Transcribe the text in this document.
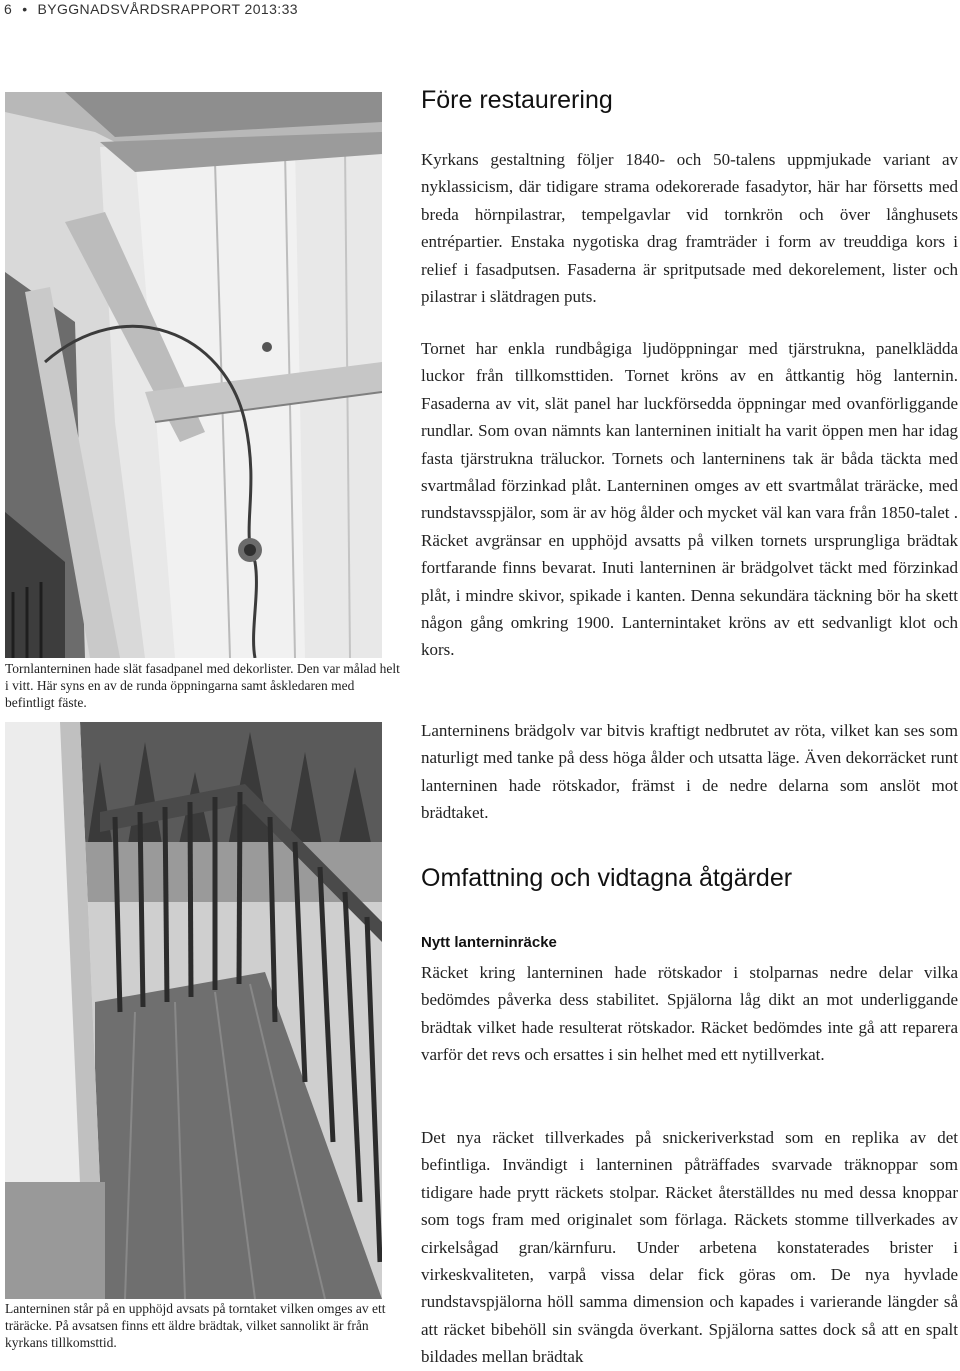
6 • BYGGNADSVÅRDSRAPPORT 2013:33
Tornlanterninen hade slät fasadpanel med dekorlister. Den var målad helt i vitt. Här syns en av de runda öppningarna samt åskledaren med befintligt fäste.
Lanterninen står på en upphöjd avsats på torntaket vilken omges av ett träräcke. På avsatsen finns ett äldre brädtak, vilket sannolikt är från kyrkans tillkomsttid.
Före restaurering

Kyrkans gestaltning följer 1840- och 50-talens uppmjukade variant av nyklassicism, där tidigare strama odekorerade fasadytor, här har försetts med breda hörnpilastrar, tempelgavlar vid tornkrön och över långhusets entrépartier. Enstaka nygotiska drag framträder i form av treuddiga kors i relief i fasadputsen. Fasaderna är spritputsade med dekorelement, lister och pilastrar i slätdragen puts.

Tornet har enkla rundbågiga ljudöppningar med tjärstrukna, panelklädda luckor från tillkomsttiden. Tornet kröns av en åttkantig hög lanternin. Fasaderna av vit, slät panel har luckförsedda öppningar med ovanförliggande rundlar. Som ovan nämnts kan lanterninen initialt ha varit öppen men har idag fasta tjärstrukna träluckor. Tornets och lanterninens tak är båda täckta med svartmålad förzinkad plåt. Lanterninen omges av ett svartmålat träräcke, med rundstavsspjälor, som är av hög ålder och mycket väl kan vara från 1850-talet . Räcket avgränsar en upphöjd avsatts på vilken tornets ursprungliga brädtak fortfarande finns bevarat. Inuti lanterninen är brädgolvet täckt med förzinkad plåt, i mindre skivor, spikade i kanten. Denna sekundära täckning bör ha skett någon gång omkring 1900. Lanternintaket kröns av ett sedvanligt klot och kors.

Lanterninens brädgolv var bitvis kraftigt nedbrutet av röta, vilket kan ses som naturligt med tanke på dess höga ålder och utsatta läge. Även dekorräcket runt lanterninen hade rötskador, främst i de nedre delarna som anslöt mot brädtaket.

Omfattning och vidtagna åtgärder
Nytt lanterninräcke

Räcket kring lanterninen hade rötskador i stolparnas nedre delar vilka bedömdes påverka dess stabilitet. Spjälorna låg dikt an mot underliggande brädtak vilket hade resulterat rötskador. Räcket bedömdes inte gå att reparera varför det revs och ersattes i sin helhet med ett nytillverkat.

Det nya räcket tillverkades på snickeriverkstad som en replika av det befintliga. Invändigt i lanterninen påträffades svarvade träknoppar som tidigare hade prytt räckets stolpar. Räcket återställdes nu med dessa knoppar som togs fram med originalet som förlaga. Räckets stomme tillverkades av cirkelsågad gran/kärnfuru. Under arbetena konstaterades brister i virkeskvaliteten, varpå vissa delar fick göras om. De nya hyvlade rundstavspjälorna höll samma dimension och kapades i varierande längder så att räcket bibehöll sin svängda överkant. Spjälorna sattes dock så att en spalt bildades mellan brädtak
